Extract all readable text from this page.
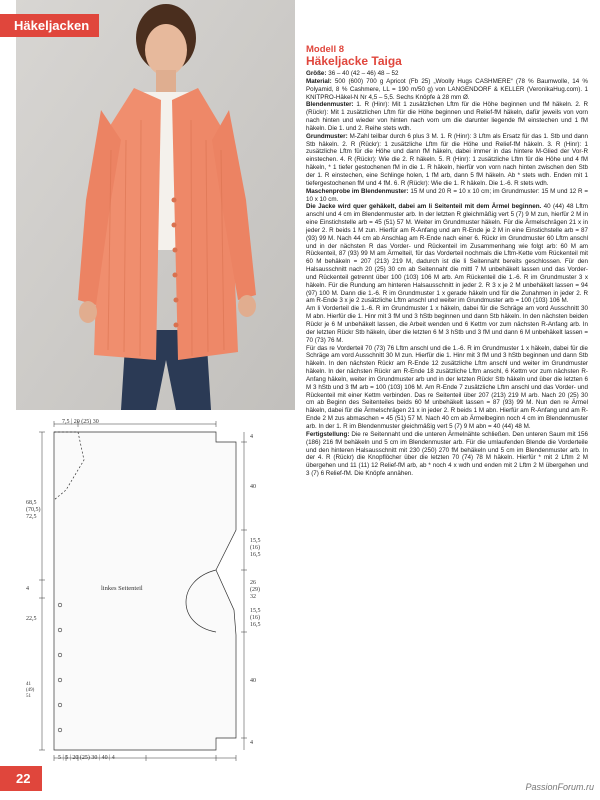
Häkeljacken
7,5 | 20 (25) 30
5 | 5 | 20 (25) 30 | 40 | 4
68,5
(70,5)
72,5
4
22,5
41
(49)
51
linkes Seitenteil
4
40
15,5
(16)
16,5
26
(29)
32
15,5
(16)
16,5
40
4
Modell 8
Häkeljacke Taiga

Größe: 36 – 40 (42 – 46) 48 – 52

Material: 500 (600) 700 g Apricot (Fb 25) „Woolly Hugs CASHMERE“ (78 % Baumwolle, 14 % Polyamid, 8 % Cashmere, LL = 190 m/50 g) von LANGENDORF & KELLER (VeronikaHug.com). 1 KNITPRO-Häkel-N Nr 4,5 – 5,5. Sechs Knöpfe à 28 mm Ø.

Blendenmuster: 1. R (Hinr): Mit 1 zusätzlichen Lftm für die Höhe beginnen und fM häkeln. 2. R (Rückr): Mit 1 zusätzlichen Lftm für die Höhe beginnen und Relief-fM häkeln, dafür jeweils von vorn nach hinten und wieder von hinten nach vorn um die darunter liegende fM einstechen und 1 fM häkeln. Die 1. und 2. Reihe stets wdh.

Grundmuster: M-Zahl teilbar durch 6 plus 3 M. 1. R (Hinr): 3 Lftm als Ersatz für das 1. Stb und dann Stb häkeln. 2. R (Rückr): 1 zusätzliche Lftm für die Höhe und Relief-fM häkeln. 3. R (Hinr): 1 zusätzliche Lftm für die Höhe und dann fM häkeln, dabei immer in das hintere M-Glied der Vor-R einstechen. 4. R (Rückr): Wie die 2. R häkeln. 5. R (Hinr): 1 zusätzliche Lftm für die Höhe und 4 fM häkeln, * 1 tiefer gestochenen fM in die 1. R häkeln, hierfür von vorn nach hinten zwischen den Stb der 1. R einstechen, eine Schlinge holen, 1 fM arb, dann 5 fM häkeln. Ab * stets wdh. Enden mit 1 tiefergestochenen fM und 4 fM. 6. R (Rückr): Wie die 1. R häkeln. Die 1.-6. R stets wdh.

Maschenprobe im Blendenmuster: 15 M und 20 R = 10 x 10 cm; im Grundmuster: 15 M und 12 R = 10 x 10 cm.

Die Jacke wird quer gehäkelt, dabei am li Seitenteil mit dem Ärmel beginnen. 40 (44) 48 Lftm anschl und 4 cm im Blendenmuster arb. In der letzten R gleichmäßig vert 5 (7) 9 M zun, hierfür 2 M in eine Einstichstelle arb = 45 (51) 57 M. Weiter im Grundmuster häkeln. Für die Ärmelschrägen 21 x in jeder 2. R beids 1 M zun. Hierfür am R-Anfang und am R-Ende je 2 M in eine Einstichstelle arb = 87 (93) 99 M. Nach 44 cm ab Anschlag am R-Ende nach einer 6. Rückr im Grundmuster 60 Lftm anschl und in der nächsten R das Vorder- und Rückenteil im Zusammenhang wie folgt arb: 60 M am Rückenteil, 87 (93) 99 M am Ärmelteil, für das Vorderteil nochmals die Lftm-Kette vom Rückenteil mit 60 M behäkeln = 207 (213) 219 M, dadurch ist die li Seitennaht bereits geschlossen. Für den Halsausschnitt nach 20 (25) 30 cm ab Seitennaht die mittl 7 M unbehäkelt lassen und das Vorder- und Rückenteil getrennt über 100 (103) 106 M arb. Am Rückenteil die 1.-6. R im Grundmuster 3 x häkeln. Für die Rundung am hinteren Halsausschnitt in jeder 2. R 3 x je 2 M unbehäkelt lassen = 94 (97) 100 M. Dann die 1.-6. R im Grundmuster 1 x gerade häkeln und für die Zunahmen in jeder 2. R am R-Ende 3 x je 2 zusätzliche Lftm anschl und weiter im Grundmuster arb = 100 (103) 106 M.

Am li Vorderteil die 1.-6. R im Grundmuster 1 x häkeln, dabei für die Schräge am vord Ausschnitt 30 M abn. Hierfür die 1. Hinr mit 3 fM und 3 hStb beginnen und dann Stb häkeln. In den nächsten beiden Rückr je 6 M unbehäkelt lassen, die Arbeit wenden und 6 Kettm vor zum nächsten R-Anfang arb. In der letzten Rückr Stb häkeln, über die letzten 6 M 3 hStb und 3 fM und dann 6 M unbehäkelt lassen = 70 (73) 76 M.

Für das re Vorderteil 70 (73) 76 Lftm anschl und die 1.-6. R im Grundmuster 1 x häkeln, dabei für die Schräge am vord Ausschnitt 30 M zun. Hierfür die 1. Hinr mit 3 fM und 3 hStb beginnen und dann Stb häkeln. In den nächsten Rückr am R-Ende 12 zusätzliche Lftm anschl und weiter im Grundmuster häkeln. In der nächsten Rückr am R-Ende 18 zusätzliche Lftm anschl, 6 Kettm vor zum nächsten R-Anfang häkeln, weiter im Grundmuster arb und in der letzten Rückr Stb häkeln und über die letzten 6 M 3 hStb und 3 fM arb = 100 (103) 106 M. Am R-Ende 7 zusätzliche Lftm anschl und das Vorder- und Rückenteil mit einer Kettm verbinden. Das re Seitenteil über 207 (213) 219 M arb. Nach 20 (25) 30 cm ab Beginn des Seitenteiles beids 60 M unbehäkelt lassen = 87 (93) 99 M. Nun den re Ärmel häkeln, dabei für die Ärmelschrägen 21 x in jeder 2. R beids 1 M abn. Hierfür am R-Anfang und am R-Ende 2 M zus abmaschen = 45 (51) 57 M. Nach 40 cm ab Ärmelbeginn noch 4 cm im Blendenmuster arb. In der 1. R im Blendenmuster gleichmäßig vert 5 (7) 9 M abn = 40 (44) 48 M.

Fertigstellung: Die re Seitennaht und die unteren Ärmelnähte schließen. Den unteren Saum mit 156 (186) 216 fM behäkeln und 5 cm im Blendenmuster arb. Für die umlaufenden Blende die Vorderteile und den hinteren Halsausschnitt mit 230 (250) 270 fM behäkeln und 5 cm im Blendenmuster arb. In der 4. R (Rückr) die Knopflöcher über die letzten 70 (74) 78 M häkeln. Hierfür * mit 2 Lftm 2 M übergehen und 11 (11) 12 Relief-fM arb, ab * noch 4 x wdh und enden mit 2 Lftm 2 M übergehen und 3 (7) 6 Relief-fM. Die Knöpfe annähen.

22
PassionForum.ru
